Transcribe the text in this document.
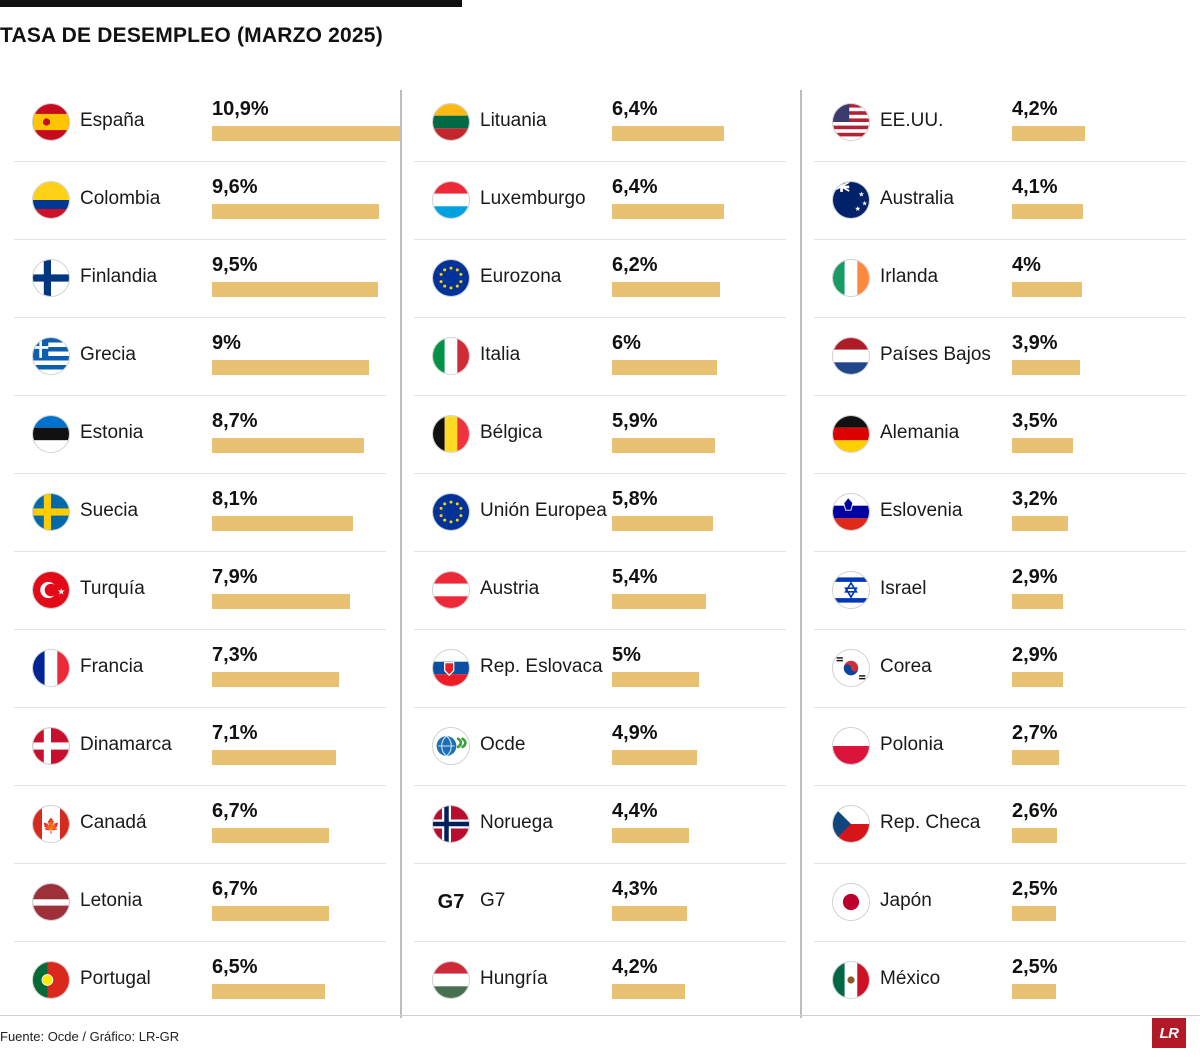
TASA DE DESEMPLEO (MARZO 2025)
España
10,9%
Colombia
9,6%
Finlandia
9,5%
Grecia
9%
Estonia
8,7%
Suecia
8,1%
★ Turquía
7,9%
Francia
7,3%
Dinamarca
7,1%
🍁 Canadá
6,7%
Letonia
6,7%
Portugal
6,5%
Lituania
6,4%
Luxemburgo
6,4%
Eurozona
6,2%
Italia
6%
Bélgica
5,9%
Unión Europea
5,8%
Austria
5,4%
Rep. Eslovaca
5%
Ocde
4,9%
Noruega
4,4%
G7 G7
4,3%
Hungría
4,2%
EE.UU.
4,2%
★
★ ★ Australia
4,1%
Irlanda
4%
Países Bajos
3,9%
Alemania
3,5%
Eslovenia
3,2%
Israel
2,9%
Corea
2,9%
Polonia
2,7%
Rep. Checa
2,6%
Japón
2,5%
México
2,5%
Fuente: Ocde / Gráfico: LR-GR	LR
